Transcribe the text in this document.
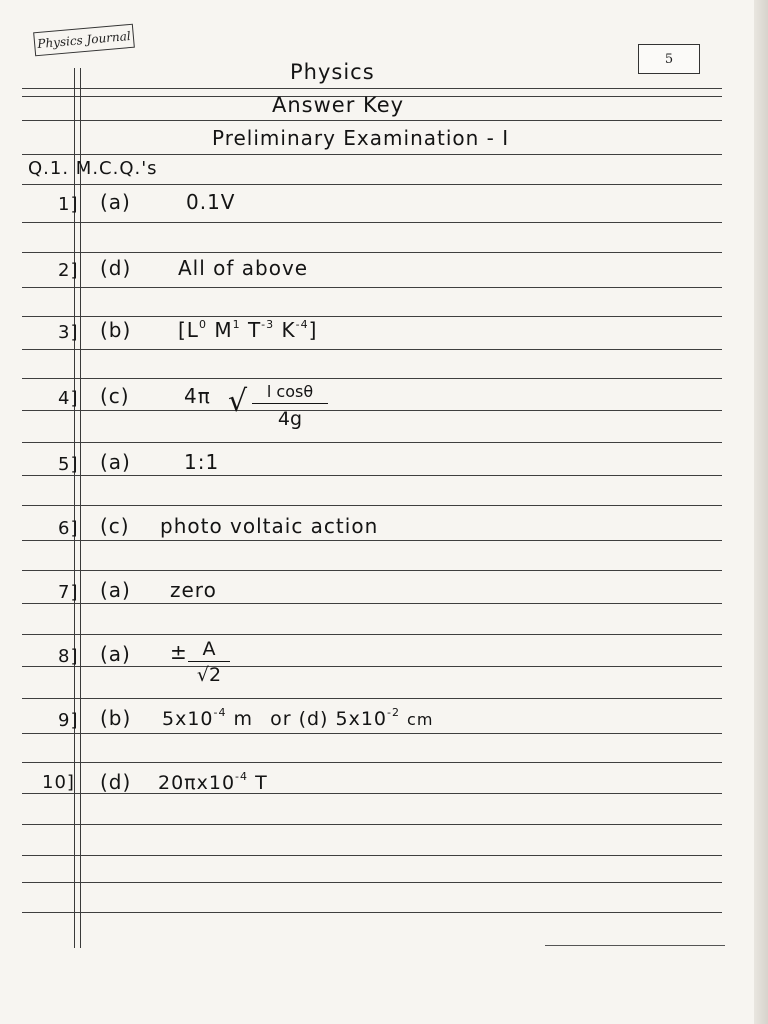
Physics Journal
5
Physics
Answer Key
Preliminary Examination - I
Q.1. M.C.Q.'s
1] (a)	0.1V
2] (d) All of above
3] (b) [$L^0$ $M^1$ $T^{-3}$ $K^{-4}$]
4] (c)	4π √	l cosθ
4g
5] (a)	1:1
6] (c) photo voltaic action
7] (a) zero
8] (a) ± A
√2
9] (b) $5x10^{-4}$ m or (d) $5x10^{-2}$ cm
10] (d) $20\pi x10^{-4}$ T
